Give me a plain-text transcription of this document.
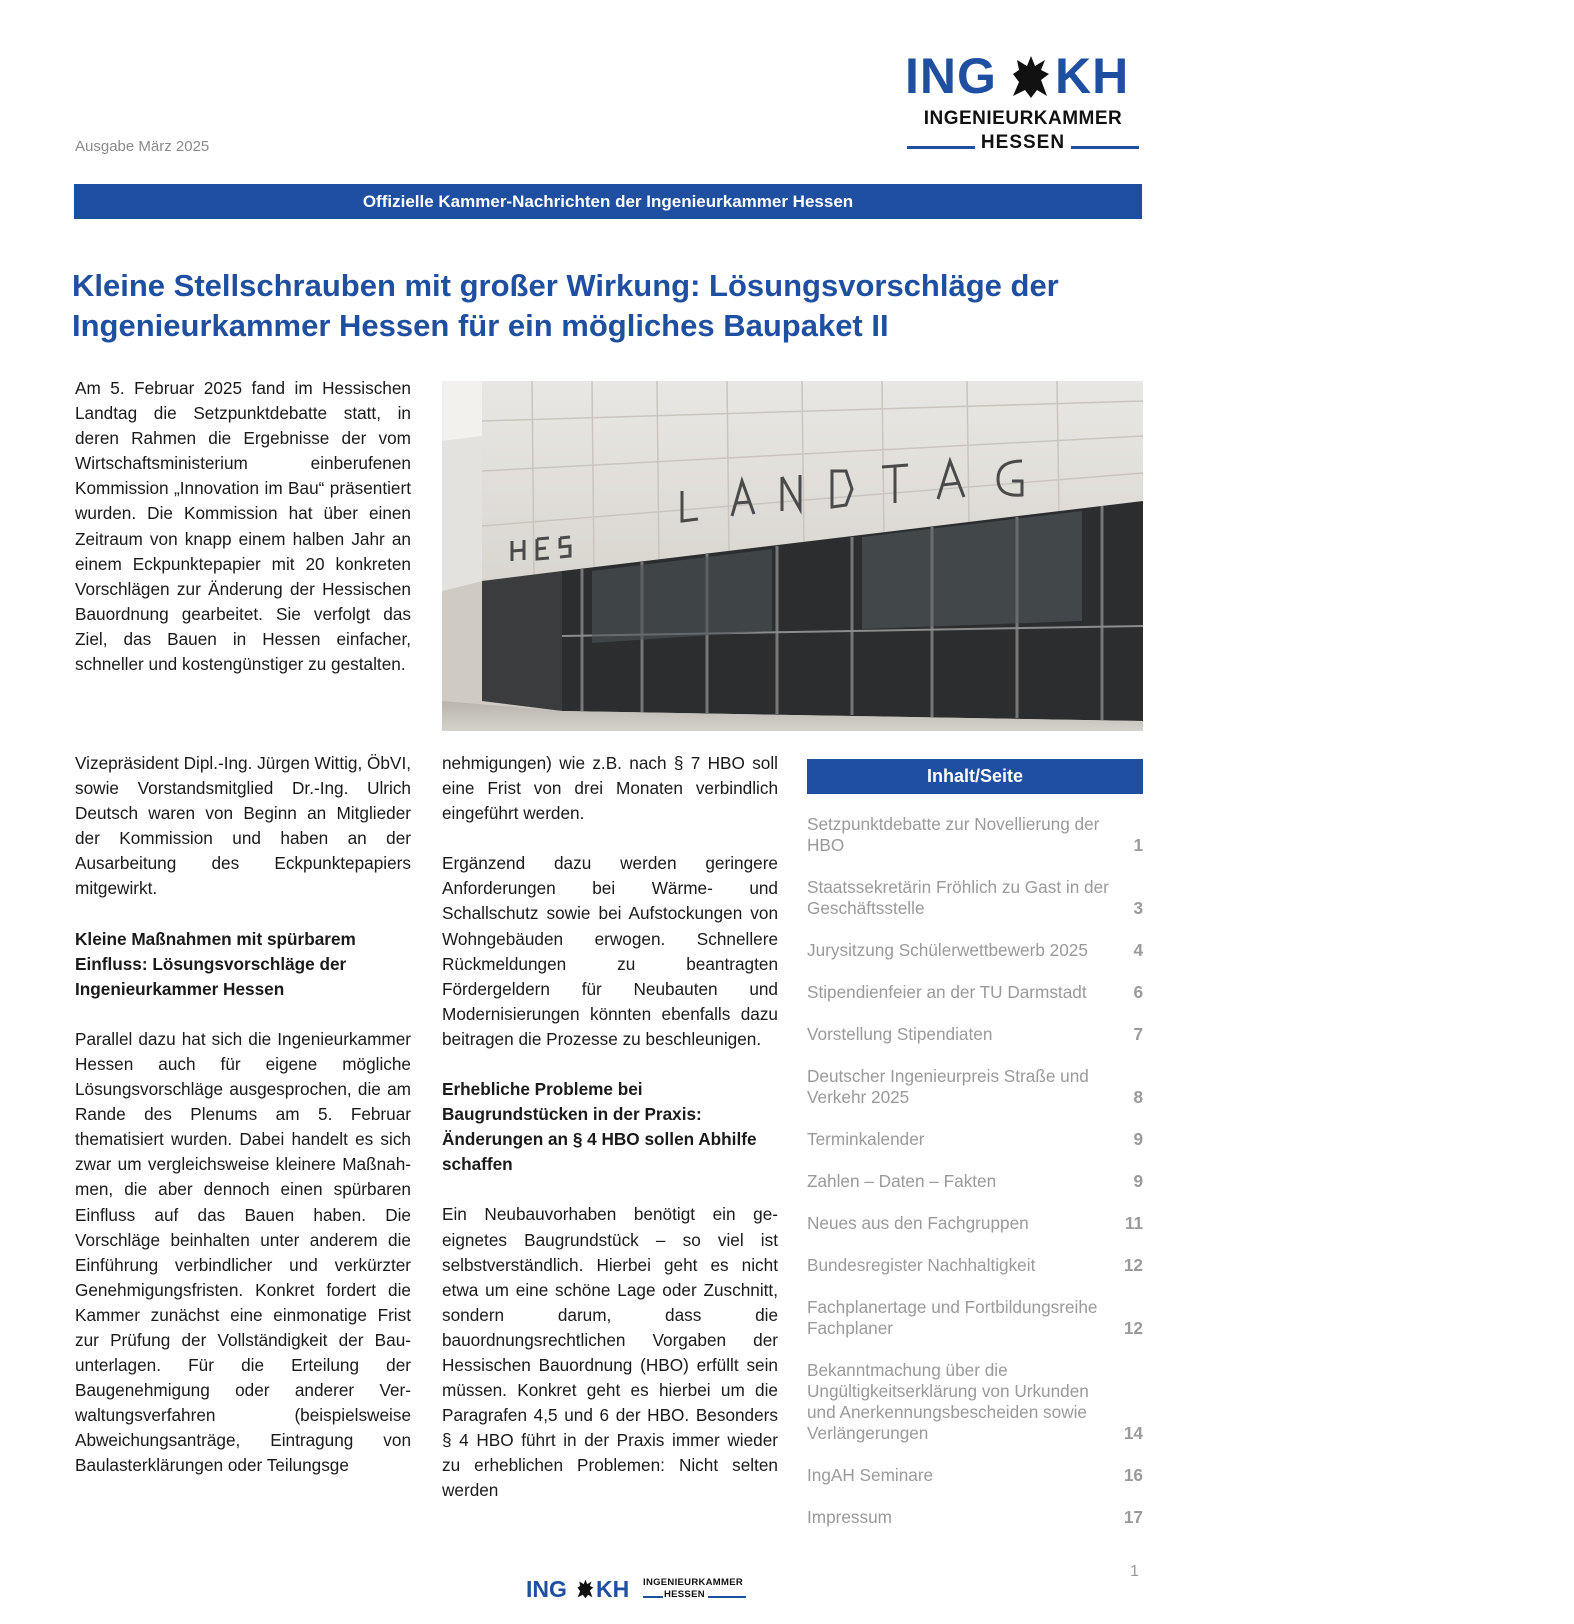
ING KH
INGENIEURKAMMER
HESSEN
Ausgabe März 2025
Offizielle Kammer-Nachrichten der Ingenieurkammer Hessen
Kleine Stellschrauben mit großer Wirkung: Lösungsvorschläge der Ingenieurkammer Hessen für ein mögliches Baupaket II

Am 5. Februar 2025 fand im Hessischen Landtag die Setzpunktdebatte statt, in deren Rahmen die Ergebnisse der vom Wirtschaftsministerium einberufenen Kommission „Innovation im Bau“ präsentiert wurden. Die Kommission hat über einen Zeitraum von knapp einem halben Jahr an einem Eckpunktepapier mit 20 konkreten Vorschlägen zur Änderung der Hessischen Bauordnung gearbeitet. Sie verfolgt das Ziel, das Bauen in Hessen einfacher, schneller und kostengünstiger zu gestalten.

Foto: travelview - stock.adobe.com - 310590734

Vizepräsident Dipl.-Ing. Jürgen Wittig, ÖbVI, sowie Vorstandsmitglied Dr.-Ing. Ulrich Deutsch waren von Beginn an Mitglieder der Kommission und haben an der Ausarbeitung des Eckpunktepapiers mitgewirkt.

Kleine Maßnahmen mit spürbarem Einfluss: Lösungsvorschläge der Ingenieurkammer Hessen

Parallel dazu hat sich die Ingenieurkammer Hessen auch für eigene mögliche Lösungsvorschläge ausgesprochen, die am Rande des Plenums am 5. Februar thematisiert wurden. Dabei handelt es sich zwar um vergleichsweise kleinere Maßnahmen, die aber dennoch einen spürbaren Einfluss auf das Bauen haben. Die Vorschläge beinhalten unter anderem die Einführung verbindlicher und verkürzter Genehmigungsfristen. Konkret fordert die Kammer zunächst eine einmonatige Frist zur Prüfung der Vollständigkeit der Bauunterlagen. Für die Erteilung der Baugenehmigung oder anderer Verwaltungsverfahren (beispielsweise Abweichungsanträge, Eintragung von Baulasterklärungen oder Teilungsge

nehmigungen) wie z.B. nach § 7 HBO soll eine Frist von drei Monaten verbindlich eingeführt werden.

Ergänzend dazu werden geringere Anforderungen bei Wärme- und Schallschutz sowie bei Aufstockungen von Wohngebäuden erwogen. Schnellere Rückmeldungen zu beantragten Fördergeldern für Neubauten und Modernisierungen könnten ebenfalls dazu beitragen die Prozesse zu beschleunigen.

Erhebliche Probleme bei Baugrundstücken in der Praxis: Änderungen an § 4 HBO sollen Abhilfe schaffen

Ein Neubauvorhaben benötigt ein geeignetes Baugrundstück – so viel ist selbstverständlich. Hierbei geht es nicht etwa um eine schöne Lage oder Zuschnitt, sondern darum, dass die bauordnungsrechtlichen Vorgaben der Hessischen Bauordnung (HBO) erfüllt sein müssen. Konkret geht es hierbei um die Paragrafen 4,5 und 6 der HBO. Besonders § 4 HBO führt in der Praxis immer wieder zu erheblichen Problemen: Nicht selten werden

Inhalt/Seite
Setzpunktdebatte zur Novellierung der HBO	1
Staatssekretärin Fröhlich zu Gast in der Geschäftsstelle	3
Jurysitzung Schülerwettbewerb 2025	4
Stipendienfeier an der TU Darmstadt	6
Vorstellung Stipendiaten	7
Deutscher Ingenieurpreis Straße und Verkehr 2025	8
Terminkalender	9
Zahlen – Daten – Fakten	9
Neues aus den Fachgruppen	11
Bundesregister Nachhaltigkeit	12
Fachplanertage und Fortbildungsreihe Fachplaner	12
Bekanntmachung über die Ungültigkeitserklärung von Urkunden und Anerkennungsbescheiden sowie Verlängerungen	14
IngAH Seminare	16
Impressum	17
1
ING KH INGENIEURKAMMER
HESSEN
